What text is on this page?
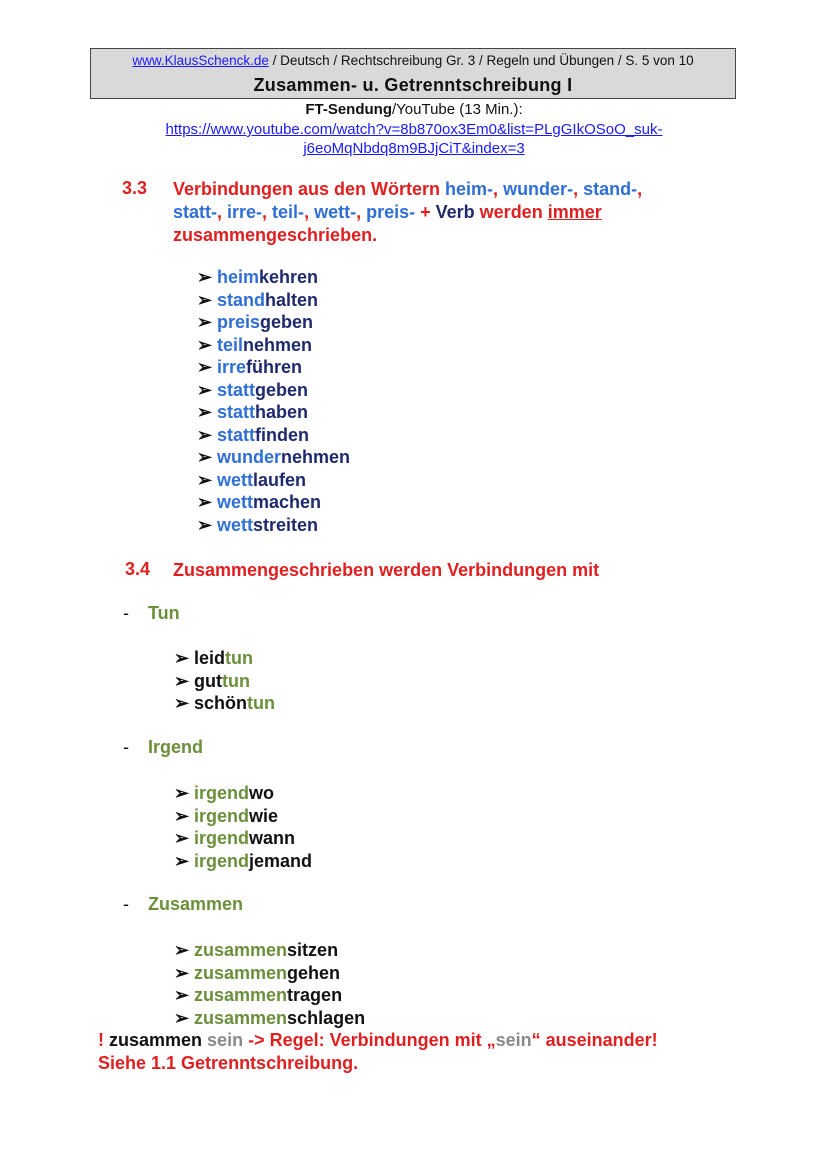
www.KlausSchenck.de / Deutsch / Rechtschreibung Gr. 3 / Regeln und Übungen / S. 5 von 10
Zusammen- u. Getrenntschreibung I
FT-Sendung/YouTube (13 Min.):
https://www.youtube.com/watch?v=8b870ox3Em0&list=PLgGIkOSoO_suk-
j6eoMqNbdq8m9BJjCiT&index=3
3.3 Verbindungen aus den Wörtern heim-, wunder-, stand-,
statt-, irre-, teil-, wett-, preis- + Verb werden immer
zusammengeschrieben.
➢ heimkehren
➢ standhalten
➢ preisgeben
➢ teilnehmen
➢ irreführen
➢ stattgeben
➢ statthaben
➢ stattfinden
➢ wundernehmen
➢ wettlaufen
➢ wettmachen
➢ wettstreiten
3.4 Zusammengeschrieben werden Verbindungen mit
- Tun
➢ leidtun
➢ guttun
➢ schöntun
- Irgend
➢ irgendwo
➢ irgendwie
➢ irgendwann
➢ irgendjemand
- Zusammen
➢ zusammensitzen
➢ zusammengehen
➢ zusammentragen
➢ zusammenschlagen
! zusammen sein -> Regel: Verbindungen mit „sein“ auseinander!
Siehe 1.1 Getrenntschreibung.
